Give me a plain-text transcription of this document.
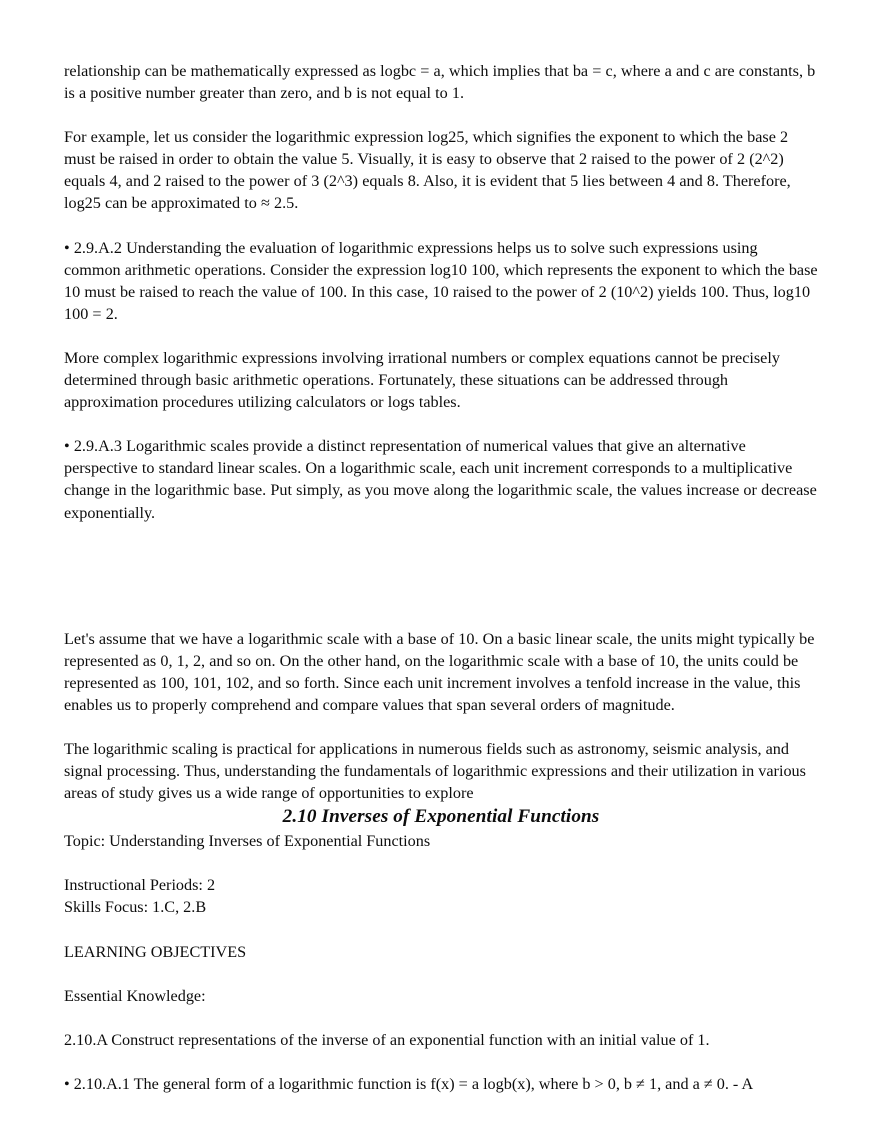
relationship can be mathematically expressed as logbc = a, which implies that ba = c, where a and c are constants, b is a positive number greater than zero, and b is not equal to 1.

For example, let us consider the logarithmic expression log25, which signifies the exponent to which the base 2 must be raised in order to obtain the value 5. Visually, it is easy to observe that 2 raised to the power of 2 (2^2) equals 4, and 2 raised to the power of 3 (2^3) equals 8. Also, it is evident that 5 lies between 4 and 8. Therefore, log25 can be approximated to ≈ 2.5.

• 2.9.A.2 Understanding the evaluation of logarithmic expressions helps us to solve such expressions using common arithmetic operations. Consider the expression log10 100, which represents the exponent to which the base 10 must be raised to reach the value of 100. In this case, 10 raised to the power of 2 (10^2) yields 100. Thus, log10 100 = 2.

More complex logarithmic expressions involving irrational numbers or complex equations cannot be precisely determined through basic arithmetic operations. Fortunately, these situations can be addressed through approximation procedures utilizing calculators or logs tables.

• 2.9.A.3 Logarithmic scales provide a distinct representation of numerical values that give an alternative perspective to standard linear scales. On a logarithmic scale, each unit increment corresponds to a multiplicative change in the logarithmic base. Put simply, as you move along the logarithmic scale, the values increase or decrease exponentially.

Let's assume that we have a logarithmic scale with a base of 10. On a basic linear scale, the units might typically be represented as 0, 1, 2, and so on. On the other hand, on the logarithmic scale with a base of 10, the units could be represented as 100, 101, 102, and so forth. Since each unit increment involves a tenfold increase in the value, this enables us to properly comprehend and compare values that span several orders of magnitude.

The logarithmic scaling is practical for applications in numerous fields such as astronomy, seismic analysis, and signal processing. Thus, understanding the fundamentals of logarithmic expressions and their utilization in various areas of study gives us a wide range of opportunities to explore

2.10 Inverses of Exponential Functions

Topic: Understanding Inverses of Exponential Functions

Instructional Periods: 2

Skills Focus: 1.C, 2.B

LEARNING OBJECTIVES

Essential Knowledge:

2.10.A Construct representations of the inverse of an exponential function with an initial value of 1.

• 2.10.A.1 The general form of a logarithmic function is f(x) = a logb(x), where b > 0, b ≠ 1, and a ≠ 0. - A
